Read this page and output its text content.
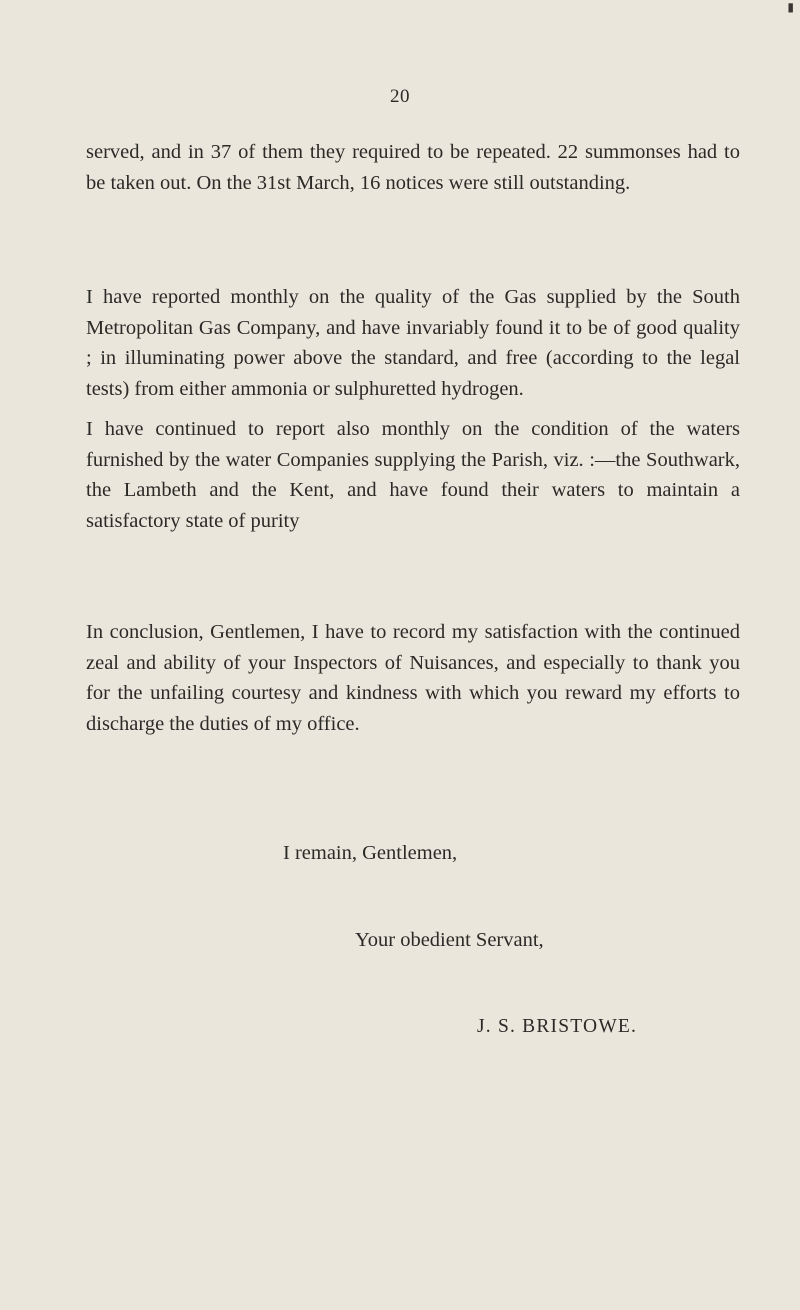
▮
20

served, and in 37 of them they required to be repeated. 22 summonses had to be taken out. On the 31st March, 16 notices were still outstanding.

I have reported monthly on the quality of the Gas supplied by the South Metropolitan Gas Company, and have invariably found it to be of good quality ; in illuminating power above the standard, and free (according to the legal tests) from either ammonia or sulphuretted hydrogen.

I have continued to report also monthly on the condition of the waters furnished by the water Companies supplying the Parish, viz. :—the Southwark, the Lambeth and the Kent, and have found their waters to maintain a satisfactory state of purity

In conclusion, Gentlemen, I have to record my satisfaction with the continued zeal and ability of your Inspectors of Nuisances, and especially to thank you for the unfailing courtesy and kindness with which you reward my efforts to discharge the duties of my office.

I remain, Gentlemen,
Your obedient Servant,
J. S. BRISTOWE.
